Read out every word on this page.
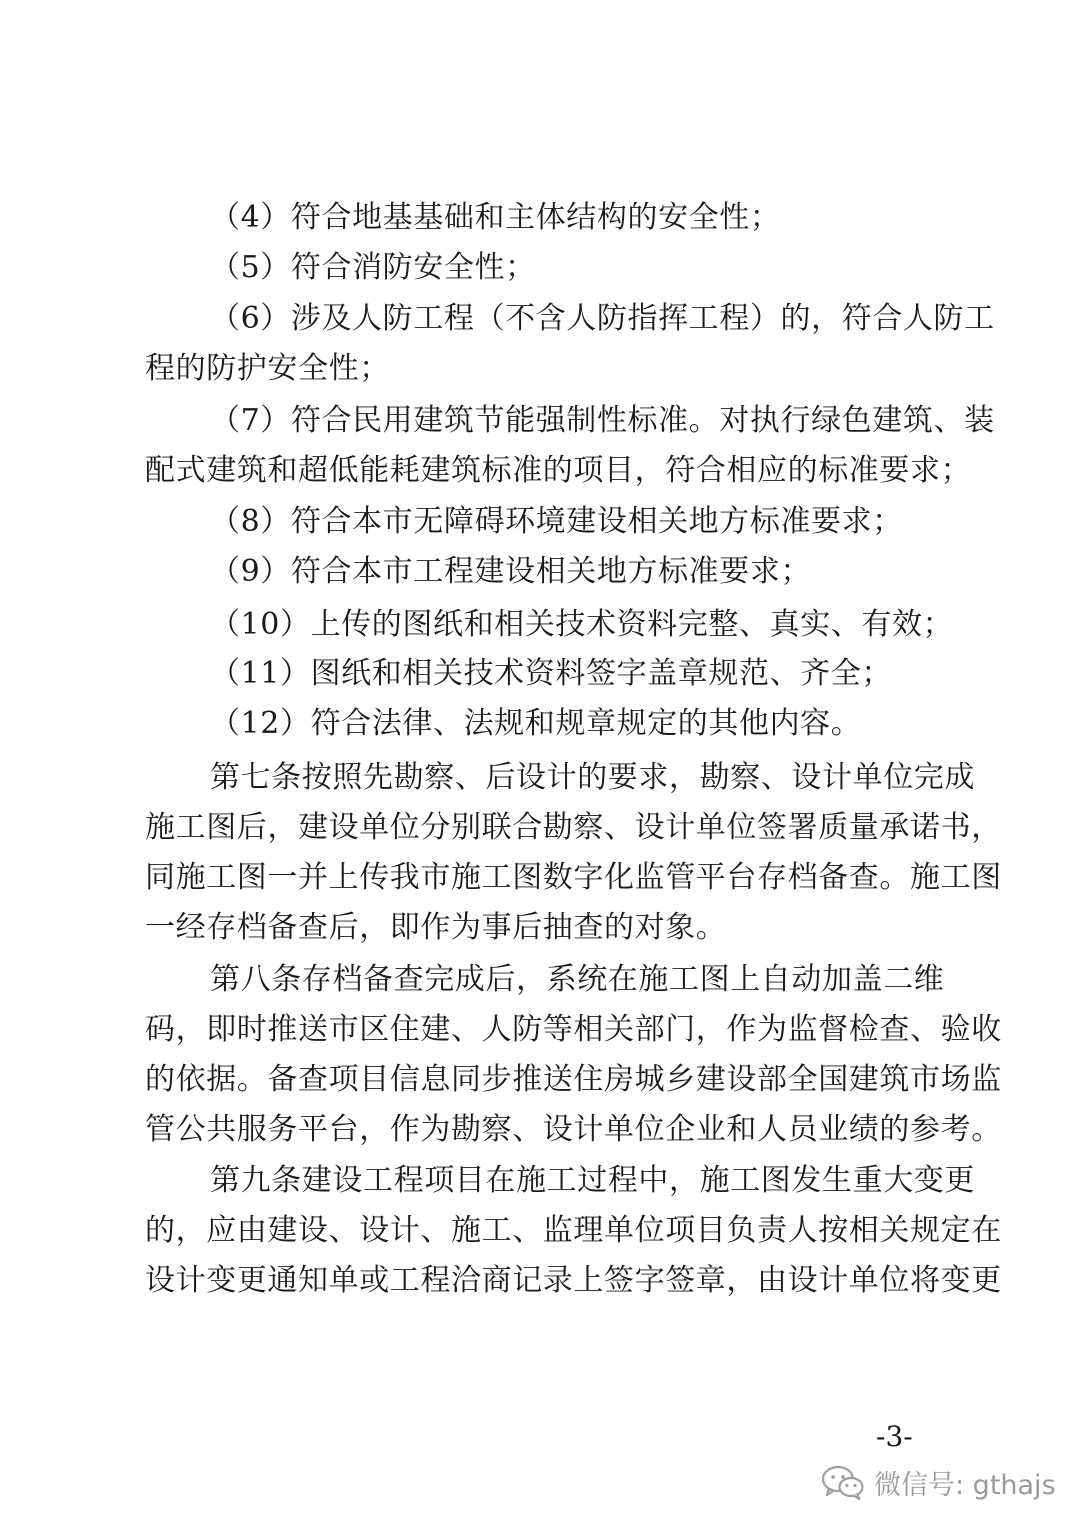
（4）符合地基基础和主体结构的安全性；
（5）符合消防安全性；
（6）涉及人防工程（不含人防指挥工程）的，符合人防工
程的防护安全性；
（7）符合民用建筑节能强制性标准。对执行绿色建筑、装
配式建筑和超低能耗建筑标准的项目，符合相应的标准要求；
（8）符合本市无障碍环境建设相关地方标准要求；
（9）符合本市工程建设相关地方标准要求；
（10）上传的图纸和相关技术资料完整、真实、有效；
（11）图纸和相关技术资料签字盖章规范、齐全；
（12）符合法律、法规和规章规定的其他内容。
第七条按照先勘察、后设计的要求，勘察、设计单位完成
施工图后，建设单位分别联合勘察、设计单位签署质量承诺书，
同施工图一并上传我市施工图数字化监管平台存档备查。施工图
一经存档备查后，即作为事后抽查的对象。
第八条存档备查完成后，系统在施工图上自动加盖二维
码，即时推送市区住建、人防等相关部门，作为监督检查、验收
的依据。备查项目信息同步推送住房城乡建设部全国建筑市场监
管公共服务平台，作为勘察、设计单位企业和人员业绩的参考。
第九条建设工程项目在施工过程中，施工图发生重大变更
的，应由建设、设计、施工、监理单位项目负责人按相关规定在
设计变更通知单或工程洽商记录上签字签章，由设计单位将变更
-3-
微信号: gthajs
